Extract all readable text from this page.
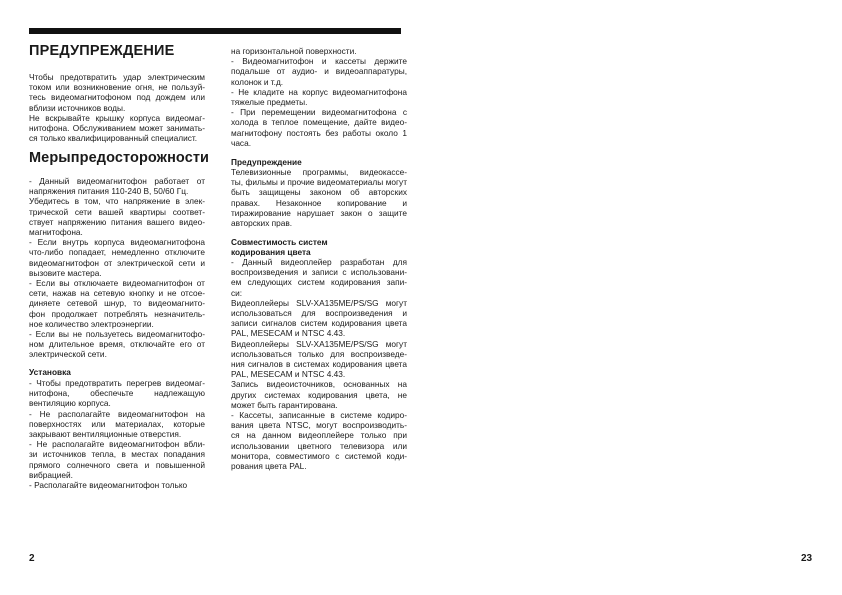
ПРЕДУПРЕЖДЕНИЕ
Чтобы предотвратить удар электрическим
током или возникновение огня, не пользуй-
тесь видеомагнитофоном под дождем или
вблизи источников воды.
Не вскрывайте крышку корпуса видеомаг-
нитофона. Обслуживанием может занимать-
ся только квалифицированный специалист.
Мерыпредосторожности
- Данный видеомагнитофон работает от
напряжения питания 110-240 В, 50/60 Гц.
Убедитесь в том, что напряжение в элек-
трической сети вашей квартиры соответ-
ствует напряжению питания вашего видео-
магнитофона.
- Если внутрь корпуса видеомагнитофона
что-либо попадает, немедленно отключите
видеомагнитофон от электрической сети и
вызовите мастера.
- Если вы отключаете видеомагнитофон от
сети, нажав на сетевую кнопку и не отсое-
диняете сетевой шнур, то видеомагнито-
фон продолжает потреблять незначитель-
ное количество электроэнергии.
- Если вы не пользуетесь видеомагнитофо-
ном длительное время, отключайте его от
электрической сети.
Установка
- Чтобы предотвратить перегрев видеомаг-
нитофона, обеспечьте надлежащую
вентиляцию корпуса.
- Не располагайте видеомагнитофон на
поверхностях или материалах, которые
закрывают вентиляционные отверстия.
- Не располагайте видеомагнитофон вбли-
зи источников тепла, в местах попадания
прямого солнечного света и повышенной
вибрацией.
- Располагайте видеомагнитофон только
на горизонтальной поверхности.
- Видеомагнитофон и кассеты держите
подальше от аудио- и видеоаппаратуры,
колонок и т.д.
- Не кладите на корпус видеомагнитофона
тяжелые предметы.
- При перемещении видеомагнитофона с
холода в теплое помещение, дайте видео-
магнитофону постоять без работы около 1
часа.
Предупреждение
Телевизионные программы, видеокассе-
ты, фильмы и прочие видеоматериалы могут
быть защищены законом об авторских
правах. Незаконное копирование и
тиражирование нарушает закон о защите
авторских прав.
Совместимость систем
кодирования цвета
- Данный видеоплейер разработан для
воспроизведения и записи с использовани-
ем следующих систем кодирования запи-
си:
Видеоплейеры SLV-XA135ME/PS/SG могут
использоваться для воспроизведения и
записи сигналов систем кодирования цвета
PAL, MESECAM и NTSC 4.43.
Видеоплейеры SLV-XA135ME/PS/SG могут
использоваться только для воспроизведе-
ния сигналов в системах кодирования цвета
PAL, MESECAM и NTSC 4.43.
Запись видеоисточников, основанных на
других системах кодирования цвета, не
может быть гарантирована.
- Кассеты, записанные в системе кодиро-
вания цвета NTSC, могут воспроизводить-
ся на данном видеоплейере только при
использовании цветного телевизора или
монитора, совместимого с системой коди-
рования цвета PAL.
2	23
